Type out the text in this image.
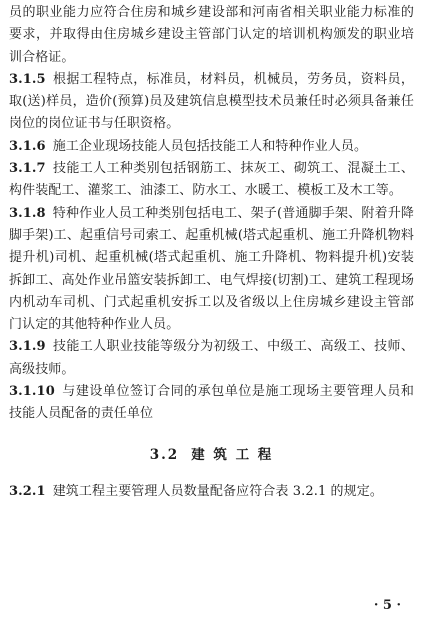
员的职业能力应符合住房和城乡建设部和河南省相关职业能力标准的要求，并取得由住房城乡建设主管部门认定的培训机构颁发的职业培训合格证。

3.1.5 根据工程特点，标准员，材料员，机械员，劳务员，资料员，取(送)样员，造价(预算)员及建筑信息模型技术员兼任时必须具备兼任岗位的岗位证书与任职资格。

3.1.6 施工企业现场技能人员包括技能工人和特种作业人员。

3.1.7 技能工人工种类别包括钢筋工、抹灰工、砌筑工、混凝土工、构件装配工、灌浆工、油漆工、防水工、水暖工、模板工及木工等。

3.1.8 特种作业人员工种类别包括电工、架子(普通脚手架、附着升降脚手架)工、起重信号司索工、起重机械(塔式起重机、施工升降机物料提升机)司机、起重机械(塔式起重机、施工升降机、物料提升机)安装拆卸工、高处作业吊篮安装拆卸工、电气焊接(切割)工、建筑工程现场内机动车司机、门式起重机安拆工以及省级以上住房城乡建设主管部门认定的其他特种作业人员。

3.1.9 技能工人职业技能等级分为初级工、中级工、高级工、技师、高级技师。

3.1.10 与建设单位签订合同的承包单位是施工现场主要管理人员和技能人员配备的责任单位

3.2 建 筑 工 程

3.2.1 建筑工程主要管理人员数量配备应符合表 3.2.1 的规定。

· 5 ·
